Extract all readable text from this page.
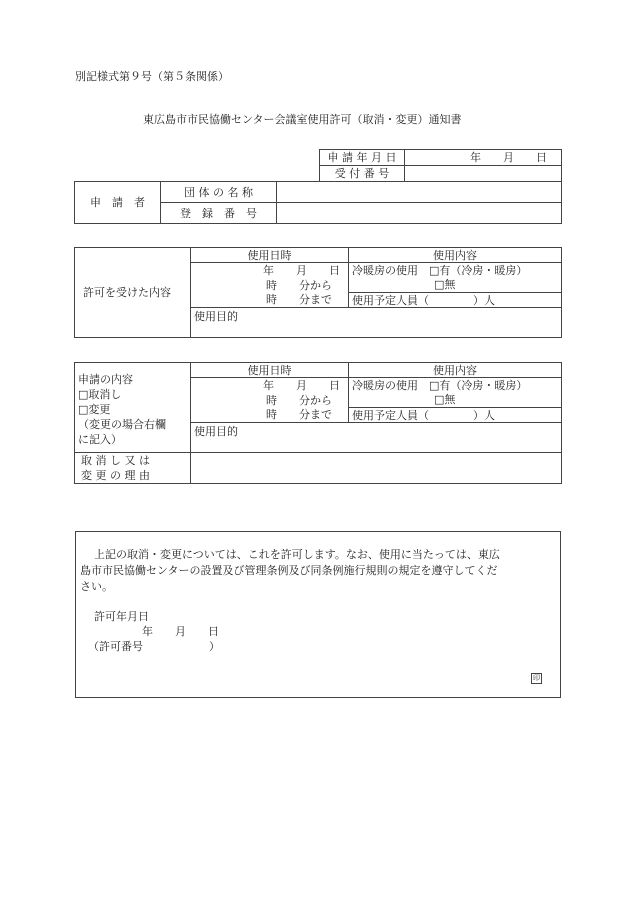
別記様式第９号（第５条関係）
東広島市市民協働センター会議室使用許可（取消・変更）通知書
			申 請 年 月 日	年　　月　　日
			受 付 番 号	
申　請　者	団 体 の 名 称			
	登　録　番　号			
許可を受けた内容	使用日時	使用内容
	年　　月　　日	冷暖房の使用　 □有（冷房・暖房）
	時　　分から	□無
	時　　分まで	使用予定人員（　　　　）人
	使用目的	

申請の内容
□取消し
□変更
（変更の場合右欄
に記入）	使用日時	使用内容
	年　　月　　日	冷暖房の使用　 □有（冷房・暖房）
	時　　分から	□無
	時　　分まで	使用予定人員（　　　　）人
	使用目的	

取 消 し 又 は
変 更 の 理 由		

上記の取消・変更については、これを許可します。なお、使用に当たっては、東広
島市市民協働センターの設置及び管理条例及び同条例施行規則の規定を遵守してくだ
さい。
許可年月日
年　　月　　日
（許可番号　　　　　　）
印
